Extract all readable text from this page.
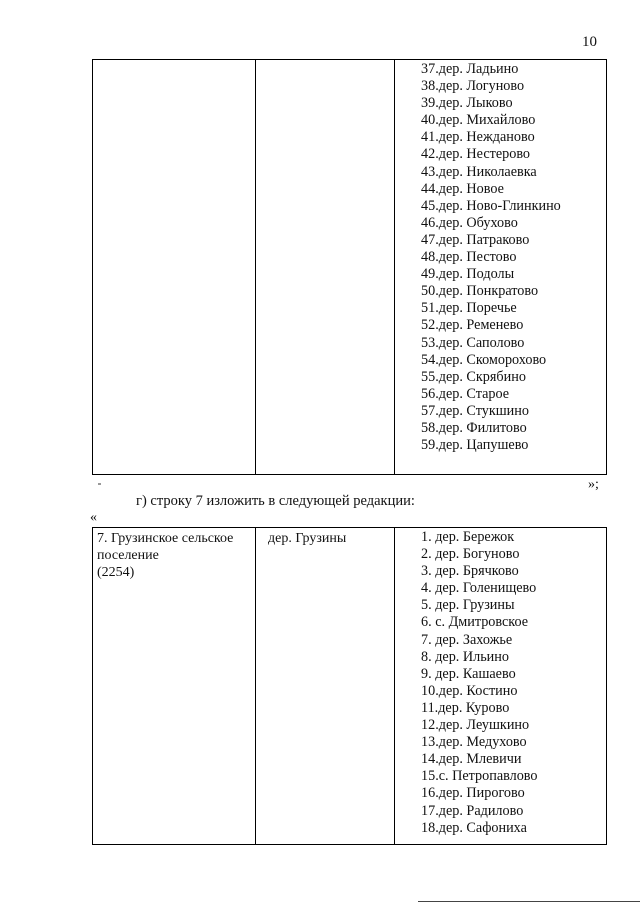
10

37.дер. Ладьино
38.дер. Логуново
39.дер. Лыково
40.дер. Михайлово
41.дер. Нежданово
42.дер. Нестерово
43.дер. Николаевка
44.дер. Новое
45.дер. Ново-Глинкино
46.дер. Обухово
47.дер. Патраково
48.дер. Пестово
49.дер. Подолы
50.дер. Понкратово
51.дер. Поречье
52.дер. Ременево
53.дер. Саполово
54.дер. Скоморохово
55.дер. Скрябино
56.дер. Старое
57.дер. Стукшино
58.дер. Филитово
59.дер. Цапушево
»;
г) строку 7 изложить в следующей редакции:
«
7. Грузинское сельское
поселение
(2254)

дер. Грузины	1. дер. Бережок
2. дер. Богуново
3. дер. Брячково
4. дер. Голенищево
5. дер. Грузины
6. с. Дмитровское
7. дер. Захожье
8. дер. Ильино
9. дер. Кашаево
10.дер. Костино
11.дер. Курово
12.дер. Леушкино
13.дер. Медухово
14.дер. Млевичи
15.с. Петропавлово
16.дер. Пирогово
17.дер. Радилово
18.дер. Сафониха
